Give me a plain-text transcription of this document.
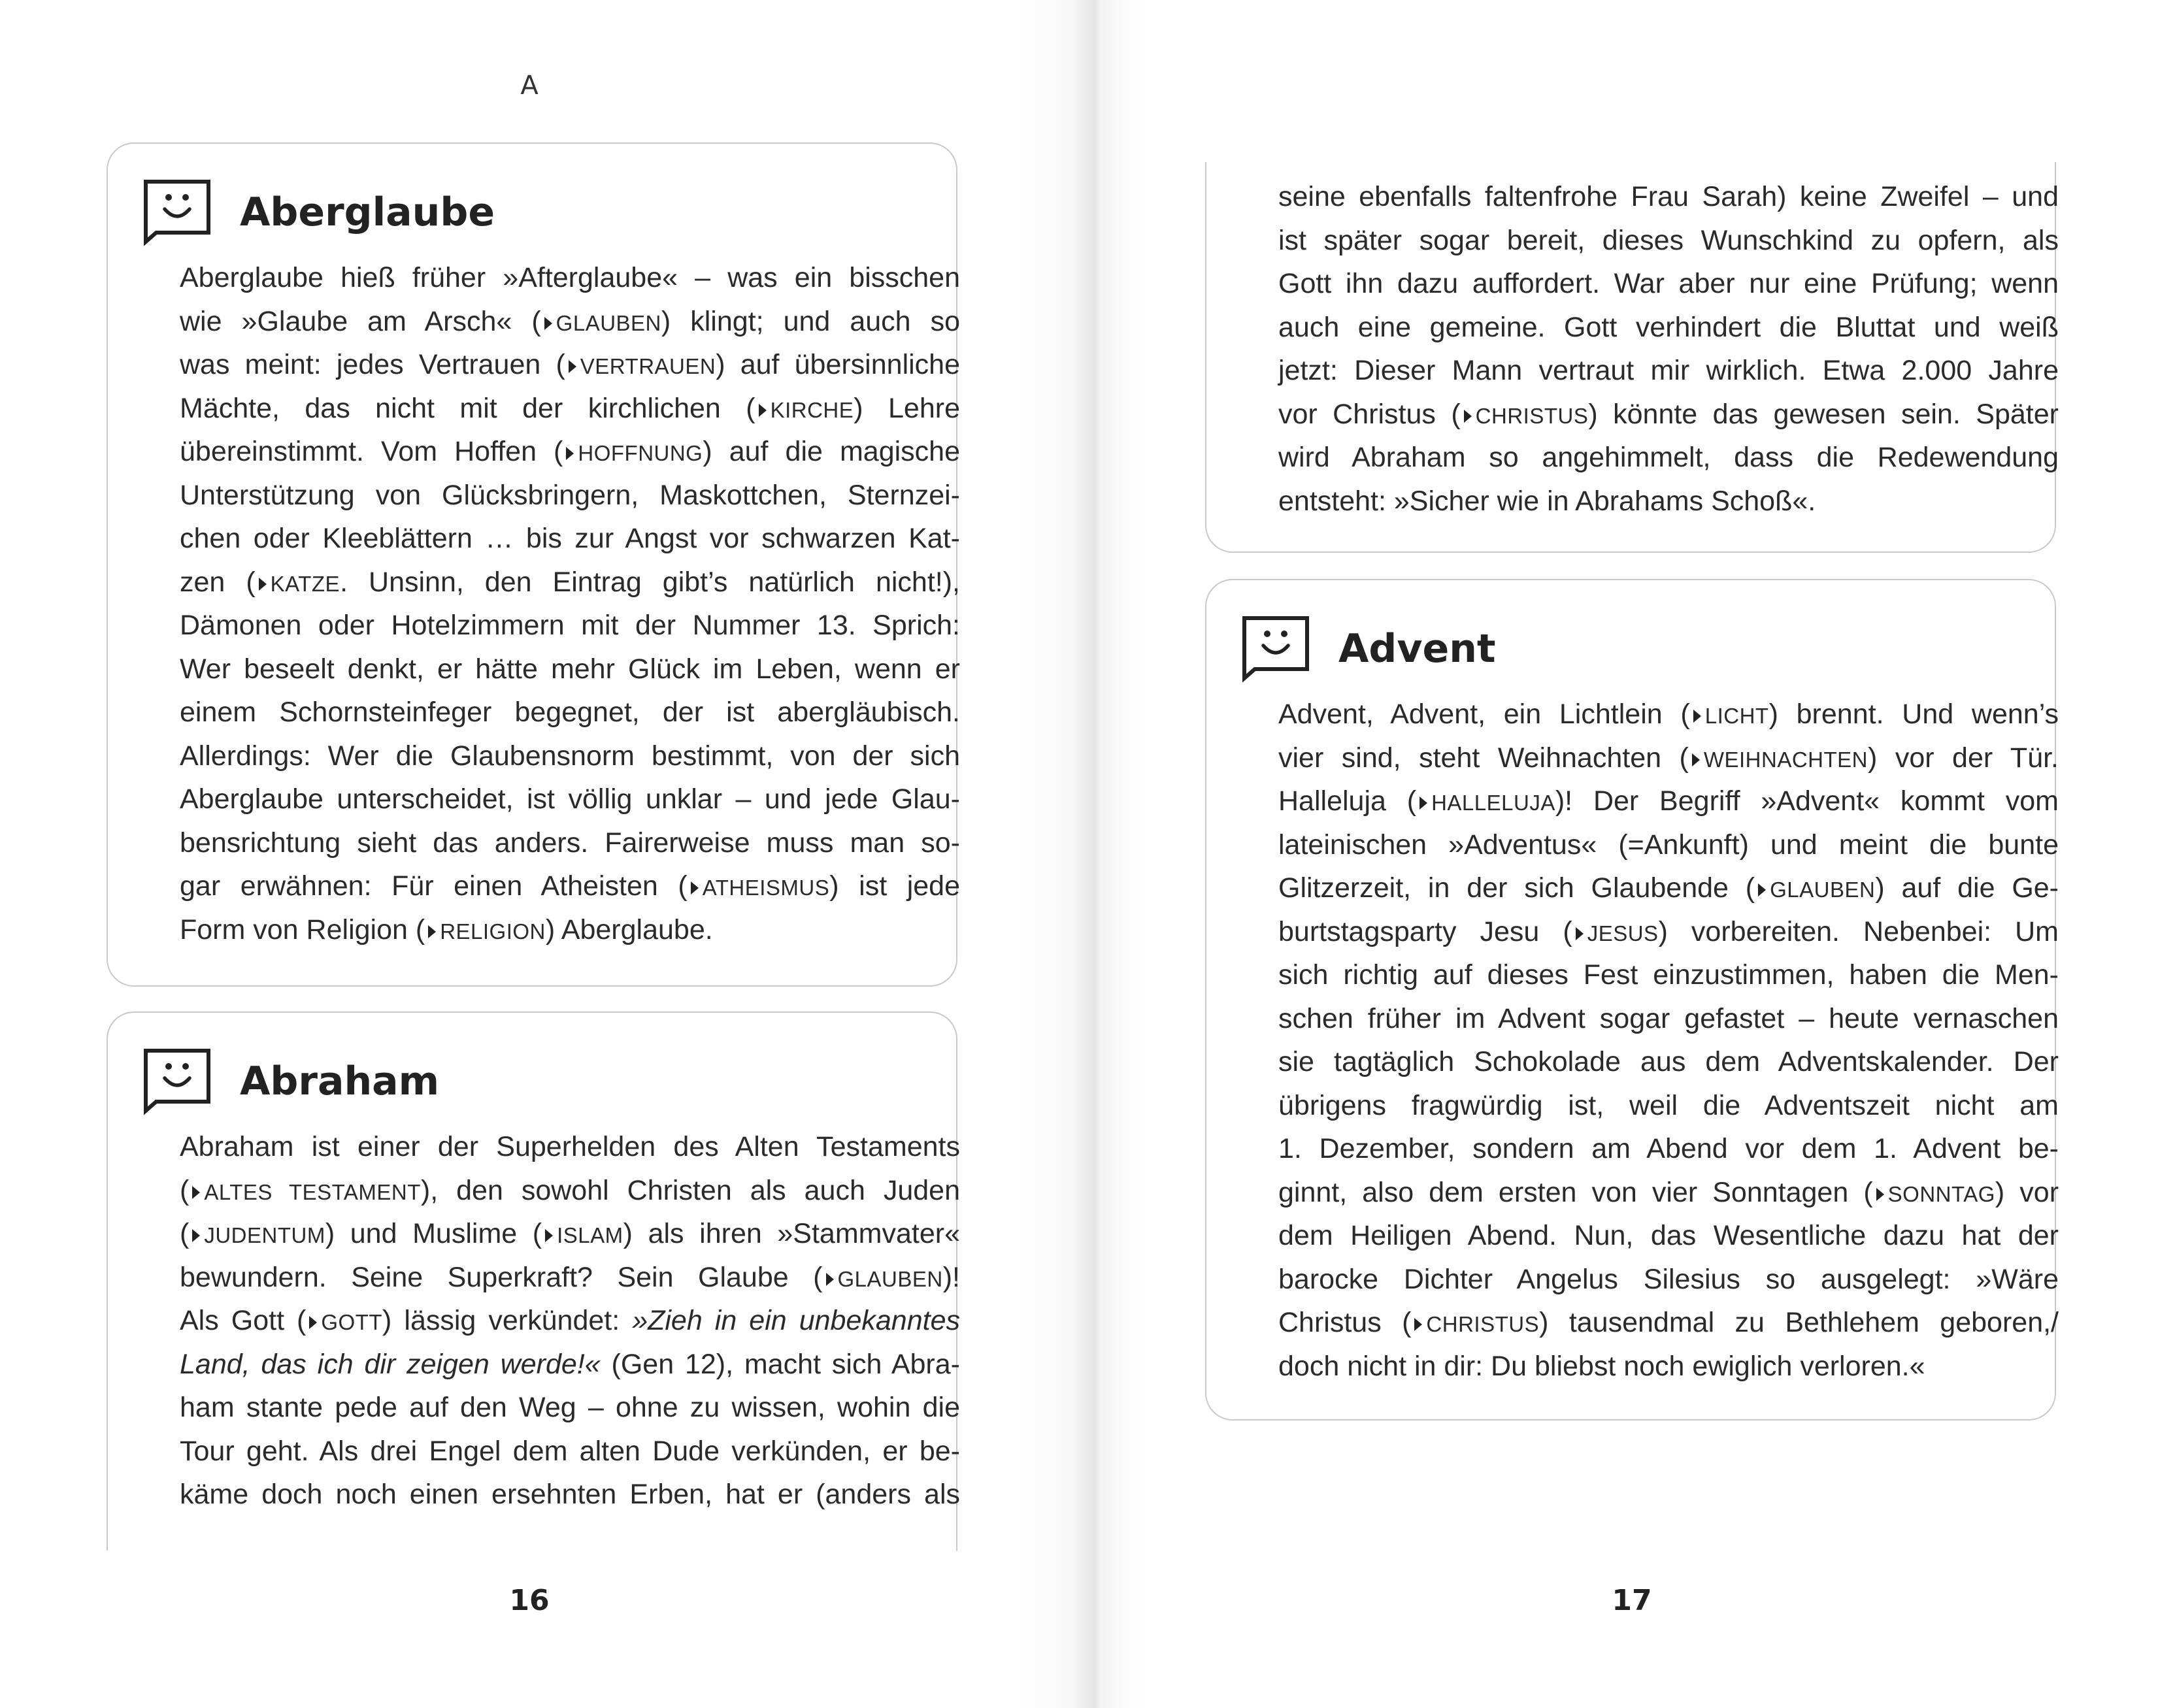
A
Aberglaube

Aberglaube hieß früher »Afterglaube« – was ein bisschen

wie »Glaube am Arsch« ( GLAUBEN) klingt; und auch so

was meint: jedes Vertrauen ( VERTRAUEN) auf übersinnliche

Mächte, das nicht mit der kirchlichen ( KIRCHE) Lehre

übereinstimmt. Vom Hoffen ( HOFFNUNG) auf die magische

Unterstützung von Glücksbringern, Maskottchen, Sternzei-

chen oder Kleeblättern … bis zur Angst vor schwarzen Kat-

zen ( KATZE. Unsinn, den Eintrag gibt’s natürlich nicht!),

Dämonen oder Hotelzimmern mit der Nummer 13. Sprich:

Wer beseelt denkt, er hätte mehr Glück im Leben, wenn er

einem Schornsteinfeger begegnet, der ist abergläubisch.

Allerdings: Wer die Glaubensnorm bestimmt, von der sich

Aberglaube unterscheidet, ist völlig unklar – und jede Glau-

bensrichtung sieht das anders. Fairerweise muss man so-

gar erwähnen: Für einen Atheisten ( ATHEISMUS) ist jede

Form von Religion ( RELIGION) Aberglaube.

Abraham

Abraham ist einer der Superhelden des Alten Testaments

( ALTES TESTAMENT), den sowohl Christen als auch Juden

( JUDENTUM) und Muslime ( ISLAM) als ihren »Stammvater«

bewundern. Seine Superkraft? Sein Glaube ( GLAUBEN)!

Als Gott ( GOTT) lässig verkündet: »Zieh in ein unbekanntes

Land, das ich dir zeigen werde!« (Gen 12), macht sich Abra-

ham stante pede auf den Weg – ohne zu wissen, wohin die

Tour geht. Als drei Engel dem alten Dude verkünden, er be-

käme doch noch einen ersehnten Erben, hat er (anders als

16

seine ebenfalls faltenfrohe Frau Sarah) keine Zweifel – und

ist später sogar bereit, dieses Wunschkind zu opfern, als

Gott ihn dazu auffordert. War aber nur eine Prüfung; wenn

auch eine gemeine. Gott verhindert die Bluttat und weiß

jetzt: Dieser Mann vertraut mir wirklich. Etwa 2.000 Jahre

vor Christus ( CHRISTUS) könnte das gewesen sein. Später

wird Abraham so angehimmelt, dass die Redewendung

entsteht: »Sicher wie in Abrahams Schoß«.

Advent

Advent, Advent, ein Lichtlein ( LICHT) brennt. Und wenn’s

vier sind, steht Weihnachten ( WEIHNACHTEN) vor der Tür.

Halleluja ( HALLELUJA)! Der Begriff »Advent« kommt vom

lateinischen »Adventus« (=Ankunft) und meint die bunte

Glitzerzeit, in der sich Glaubende ( GLAUBEN) auf die Ge-

burtstagsparty Jesu ( JESUS) vorbereiten. Nebenbei: Um

sich richtig auf dieses Fest einzustimmen, haben die Men-

schen früher im Advent sogar gefastet – heute vernaschen

sie tagtäglich Schokolade aus dem Adventskalender. Der

übrigens fragwürdig ist, weil die Adventszeit nicht am

1. Dezember, sondern am Abend vor dem 1. Advent be-

ginnt, also dem ersten von vier Sonntagen ( SONNTAG) vor

dem Heiligen Abend. Nun, das Wesentliche dazu hat der

barocke Dichter Angelus Silesius so ausgelegt: »Wäre

Christus ( CHRISTUS) tausendmal zu Bethlehem geboren,/

doch nicht in dir: Du bliebst noch ewiglich verloren.«

17
